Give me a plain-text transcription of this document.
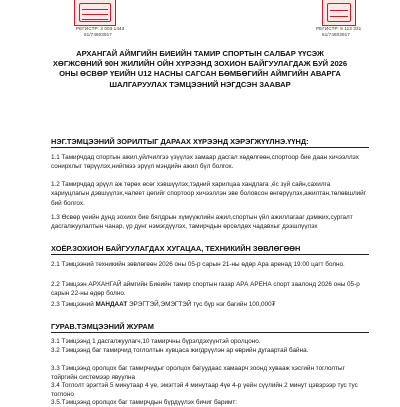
РЕГИСТР: 3 003 1443
51/74603917
РЕГИСТР: 9 113 331
51/74603917
АРХАНГАЙ АЙМГИЙН БИЕИЙН ТАМИР СПОРТЫН САЛБАР ҮҮСЭЖ
ХӨГЖСӨНИЙ 90Н ЖИЛИЙН ОЙН ХҮРЭЭНД ЗОХИОН БАЙГУУЛАГДАЖ БУЙ 2026
ОНЫ ӨСВӨР ҮЕИЙН U12 НАСНЫ САГСАН БӨМБӨГИЙН АЙМГИЙН АВАРГА
ШАЛГАРУУЛАХ ТЭМЦЭЭНИЙ НЭГДСЭН ЗААВАР
НЭГ.ТЭМЦЭЭНИЙ ЗОРИЛТЫГ ДАРААХ ХҮРЭЭНД ХЭРЭГЖҮҮЛНЭ.ҮҮНД:
1.1 Тамирчдад спортын ажил,уйлчилгээ үзүүлэх замаар дасгал хөдөлгөөн,спортоор бие даан хичээллэх сонирхлыг төрүүлэх,нийгмээ эрүүл мэндийн ажил бүл болгох.
1.2 Тамирчдад эрүүл аж төрөх өсөг хэвшүүлэх,тэдний харилцаа хандлага ,ёс зүй сайн,сахилга хариуцлагын дэвшүүлэх,чалеет цөгийг спортоор хичээллэн эве боловсон өнгөрүүлэх,ажилтан,төлөвшлийг бий болгох.
1.3 Өсвөр үеийн дунд зохиох бие бялдрын хүмүүжлийн ажил,спортын үйл ажиллагааг дэмжих,сургалт дасгалжуулалтын чанар, үр дунг нэмэгдүүлэх, тамирчдын өрсөлдөх чадавхыг дээшлүүлэх
ХОЁР.ЗОХИОН БАЙГУУЛАГДАХ ХУГАЦАА, ТЕХНИКИЙН ЗӨВЛӨГӨӨН
2.1 Тэмцээний техникийн зөвлөгөөн 2026 оны 05-р сарын 21-ны өдөр Ара аренад 19:00 цагт болно.
2.2 Тэмцээн АРХАНГАЙ аймгийн Биеийн тамир спортын газар АРА АРЕНА спорт заалонд 2026 оны 05-р сарын 22-ны өдөр болно.
2.3 Тэмцээний МАНДААТ ЭРЭГТЭЙ,ЭМЭГТЭЙ түс бүр нэг багийн 100,000₮
ГУРАВ.ТЭМЦЭЭНИЙ ЖУРАМ
3.1 Тэмцээнд 1 дасгалжуулагч,10 тамирчны бүрэлдэхүүнтэй оролцоно.
3.2 Тэмцээнд баг тамирчид тоглолтын хувцаса жигдрүүлэн ар өврийн дугаартай байна.
3.3 Тэмцээнд оролцох баг тамирчидыг оролцох багуудаас хамаарч зоонд хувааж хэсгийн тоглолтыг тойргийн системээр явуулна
3.4 Тоглолт эрэгтэй 5 минутаар 4 үе, эмэгтэй 4 минутаар 4үе 4-р үейн сүүлийн 2 минут цэвэрээр тус тус тоглоно
3.5.Тэмцээнд оролцох баг тамирчдын бүрдүүлэх бичиг баримт:
